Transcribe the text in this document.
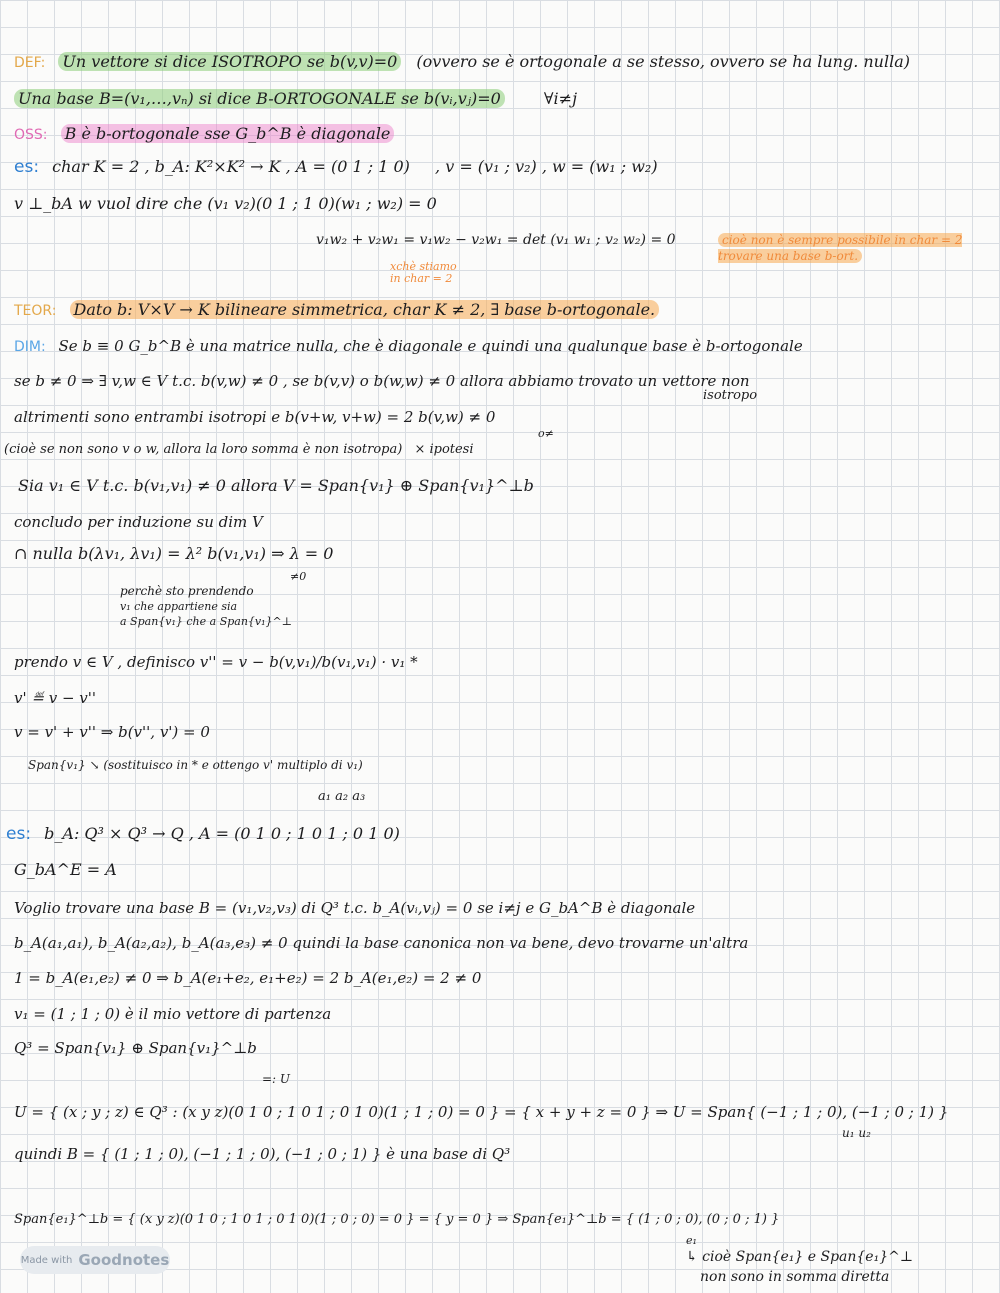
DEF: Un vettore si dice ISOTROPO se b(v,v)=0 (ovvero se è ortogonale a se stesso, ovvero se ha lung. nulla)
Una base B=(v₁,…,vₙ) si dice B-ORTOGONALE se b(vᵢ,vⱼ)=0	∀i≠j
OSS: B è b-ortogonale sse G_b^B è diagonale
es: char K = 2 , b_A: K²×K² → K , A = (0 1 ; 1 0) , v = (v₁ ; v₂) , w = (w₁ ; w₂)
v ⊥_bA w vuol dire che (v₁ v₂)(0 1 ; 1 0)(w₁ ; w₂) = 0
v₁w₂ + v₂w₁ = v₁w₂ − v₂w₁ = det (v₁ w₁ ; v₂ w₂) = 0	cioè non è sempre possibile in char = 2 trovare una base b-ort.
xchè stiamo
in char = 2
TEOR: Dato b: V×V → K bilineare simmetrica, char K ≠ 2, ∃ base b-ortogonale.
DIM: Se b ≡ 0 G_b^B è una matrice nulla, che è diagonale e quindi una qualunque base è b-ortogonale
se b ≠ 0 ⇒ ∃ v,w ∈ V t.c. b(v,w) ≠ 0 , se b(v,v) o b(w,w) ≠ 0 allora abbiamo trovato un vettore non
isotropo
altrimenti sono entrambi isotropi e b(v+w, v+w) = 2 b(v,w) ≠ 0
o≠
(cioè se non sono v o w, allora la loro somma è non isotropa) × ipotesi
Sia v₁ ∈ V t.c. b(v₁,v₁) ≠ 0 allora V = Span{v₁} ⊕ Span{v₁}^⊥b
concludo per induzione su dim V
∩ nulla b(λv₁, λv₁) = λ² b(v₁,v₁) ⇒ λ = 0
≠0
perchè sto prendendo
v₁ che appartiene sia
a Span{v₁} che a Span{v₁}^⊥
prendo v ∈ V , definisco v'' = v − b(v,v₁)/b(v₁,v₁) · v₁ *
v' ≝ v − v''
v = v' + v'' ⇒ b(v'', v') = 0
Span{v₁} ↘ (sostituisco in * e ottengo v' multiplo di v₁)
a₁ a₂ a₃
es: b_A: Q³ × Q³ → Q , A = (0 1 0 ; 1 0 1 ; 0 1 0)
G_bA^E = A
Voglio trovare una base B = (v₁,v₂,v₃) di Q³ t.c. b_A(vᵢ,vⱼ) = 0 se i≠j e G_bA^B è diagonale
b_A(a₁,a₁), b_A(a₂,a₂), b_A(a₃,e₃) ≠ 0 quindi la base canonica non va bene, devo trovarne un'altra
1 = b_A(e₁,e₂) ≠ 0 ⇒ b_A(e₁+e₂, e₁+e₂) = 2 b_A(e₁,e₂) = 2 ≠ 0
v₁ = (1 ; 1 ; 0) è il mio vettore di partenza
Q³ = Span{v₁} ⊕ Span{v₁}^⊥b
=: U
U = { (x ; y ; z) ∈ Q³ : (x y z)(0 1 0 ; 1 0 1 ; 0 1 0)(1 ; 1 ; 0) = 0 } = { x + y + z = 0 } ⇒ U = Span{ (−1 ; 1 ; 0), (−1 ; 0 ; 1) }
u₁ u₂
quindi B = { (1 ; 1 ; 0), (−1 ; 1 ; 0), (−1 ; 0 ; 1) } è una base di Q³
Span{e₁}^⊥b = { (x y z)(0 1 0 ; 1 0 1 ; 0 1 0)(1 ; 0 ; 0) = 0 } = { y = 0 } ⇒ Span{e₁}^⊥b = { (1 ; 0 ; 0), (0 ; 0 ; 1) }
e₁
↳ cioè Span{e₁} e Span{e₁}^⊥
non sono in somma diretta
Made with Goodnotes
